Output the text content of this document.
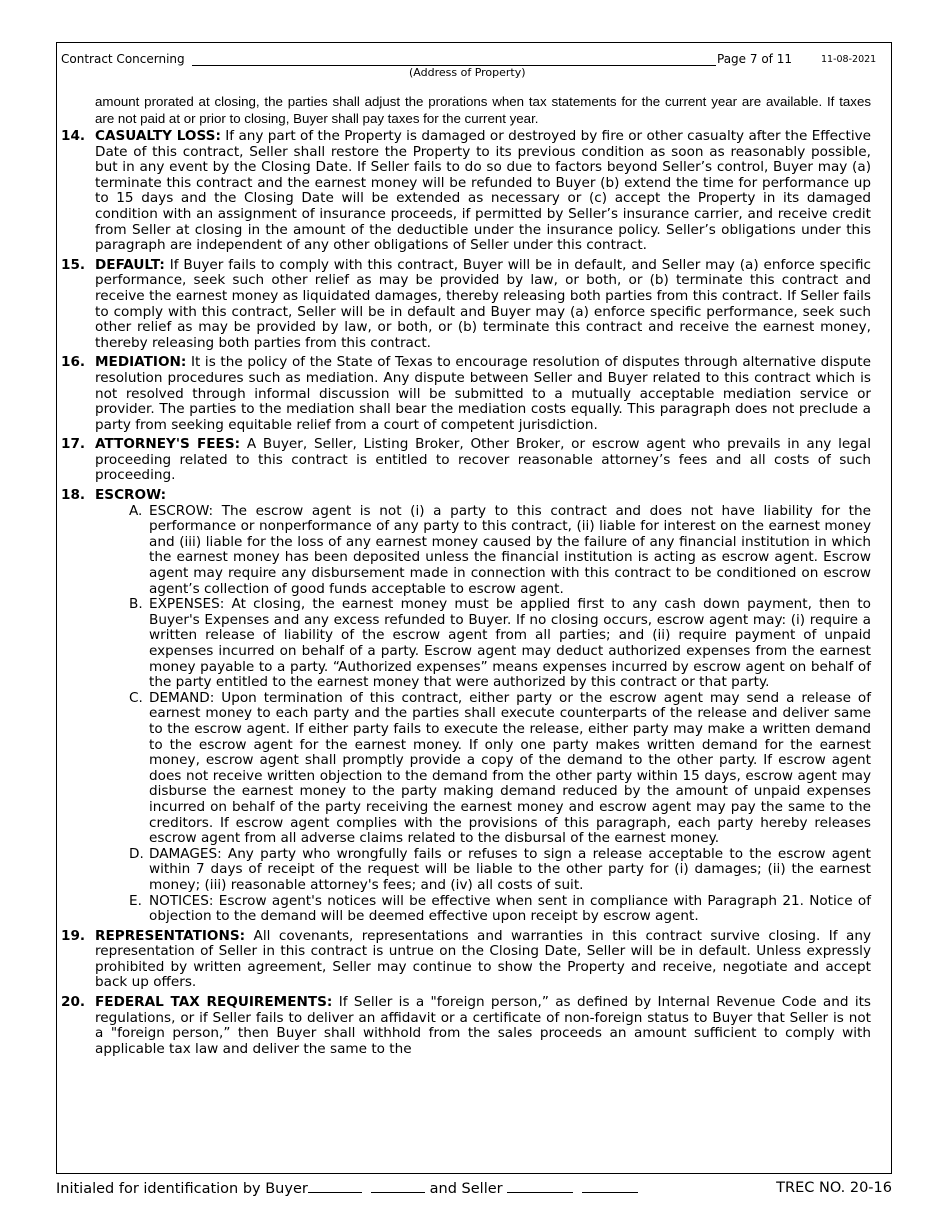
Contract Concerning	Page 7 of 11	11-08-2021
(Address of Property)
amount prorated at closing, the parties shall adjust the prorations when tax statements for the current year are available. If taxes are not paid at or prior to closing, Buyer shall pay taxes for the current year.
14. CASUALTY LOSS: If any part of the Property is damaged or destroyed by fire or other casualty after the Effective Date of this contract, Seller shall restore the Property to its previous condition as soon as reasonably possible, but in any event by the Closing Date. If Seller fails to do so due to factors beyond Seller’s control, Buyer may (a) terminate this contract and the earnest money will be refunded to Buyer (b) extend the time for performance up to 15 days and the Closing Date will be extended as necessary or (c) accept the Property in its damaged condition with an assignment of insurance proceeds, if permitted by Seller’s insurance carrier, and receive credit from Seller at closing in the amount of the deductible under the insurance policy. Seller’s obligations under this paragraph are independent of any other obligations of Seller under this contract.
15. DEFAULT: If Buyer fails to comply with this contract, Buyer will be in default, and Seller may (a) enforce specific performance, seek such other relief as may be provided by law, or both, or (b) terminate this contract and receive the earnest money as liquidated damages, thereby releasing both parties from this contract. If Seller fails to comply with this contract, Seller will be in default and Buyer may (a) enforce specific performance, seek such other relief as may be provided by law, or both, or (b) terminate this contract and receive the earnest money, thereby releasing both parties from this contract.
16. MEDIATION: It is the policy of the State of Texas to encourage resolution of disputes through alternative dispute resolution procedures such as mediation. Any dispute between Seller and Buyer related to this contract which is not resolved through informal discussion will be submitted to a mutually acceptable mediation service or provider. The parties to the mediation shall bear the mediation costs equally. This paragraph does not preclude a party from seeking equitable relief from a court of competent jurisdiction.
17. ATTORNEY'S FEES: A Buyer, Seller, Listing Broker, Other Broker, or escrow agent who prevails in any legal proceeding related to this contract is entitled to recover reasonable attorney’s fees and all costs of such proceeding.
18. ESCROW:
A. ESCROW: The escrow agent is not (i) a party to this contract and does not have liability for the performance or nonperformance of any party to this contract, (ii) liable for interest on the earnest money and (iii) liable for the loss of any earnest money caused by the failure of any financial institution in which the earnest money has been deposited unless the financial institution is acting as escrow agent. Escrow agent may require any disbursement made in connection with this contract to be conditioned on escrow agent’s collection of good funds acceptable to escrow agent.
B. EXPENSES: At closing, the earnest money must be applied first to any cash down payment, then to Buyer's Expenses and any excess refunded to Buyer. If no closing occurs, escrow agent may: (i) require a written release of liability of the escrow agent from all parties; and (ii) require payment of unpaid expenses incurred on behalf of a party. Escrow agent may deduct authorized expenses from the earnest money payable to a party. “Authorized expenses” means expenses incurred by escrow agent on behalf of the party entitled to the earnest money that were authorized by this contract or that party.
C. DEMAND: Upon termination of this contract, either party or the escrow agent may send a release of earnest money to each party and the parties shall execute counterparts of the release and deliver same to the escrow agent. If either party fails to execute the release, either party may make a written demand to the escrow agent for the earnest money. If only one party makes written demand for the earnest money, escrow agent shall promptly provide a copy of the demand to the other party. If escrow agent does not receive written objection to the demand from the other party within 15 days, escrow agent may disburse the earnest money to the party making demand reduced by the amount of unpaid expenses incurred on behalf of the party receiving the earnest money and escrow agent may pay the same to the creditors. If escrow agent complies with the provisions of this paragraph, each party hereby releases escrow agent from all adverse claims related to the disbursal of the earnest money.
D. DAMAGES: Any party who wrongfully fails or refuses to sign a release acceptable to the escrow agent within 7 days of receipt of the request will be liable to the other party for (i) damages; (ii) the earnest money; (iii) reasonable attorney's fees; and (iv) all costs of suit.
E. NOTICES: Escrow agent's notices will be effective when sent in compliance with Paragraph 21. Notice of objection to the demand will be deemed effective upon receipt by escrow agent.
19. REPRESENTATIONS: All covenants, representations and warranties in this contract survive closing. If any representation of Seller in this contract is untrue on the Closing Date, Seller will be in default. Unless expressly prohibited by written agreement, Seller may continue to show the Property and receive, negotiate and accept back up offers.
20. FEDERAL TAX REQUIREMENTS: If Seller is a "foreign person,” as defined by Internal Revenue Code and its regulations, or if Seller fails to deliver an affidavit or a certificate of non-foreign status to Buyer that Seller is not a "foreign person,” then Buyer shall withhold from the sales proceeds an amount sufficient to comply with applicable tax law and deliver the same to the
Initialed for identification by Buyer	and Seller	TREC NO. 20-16
